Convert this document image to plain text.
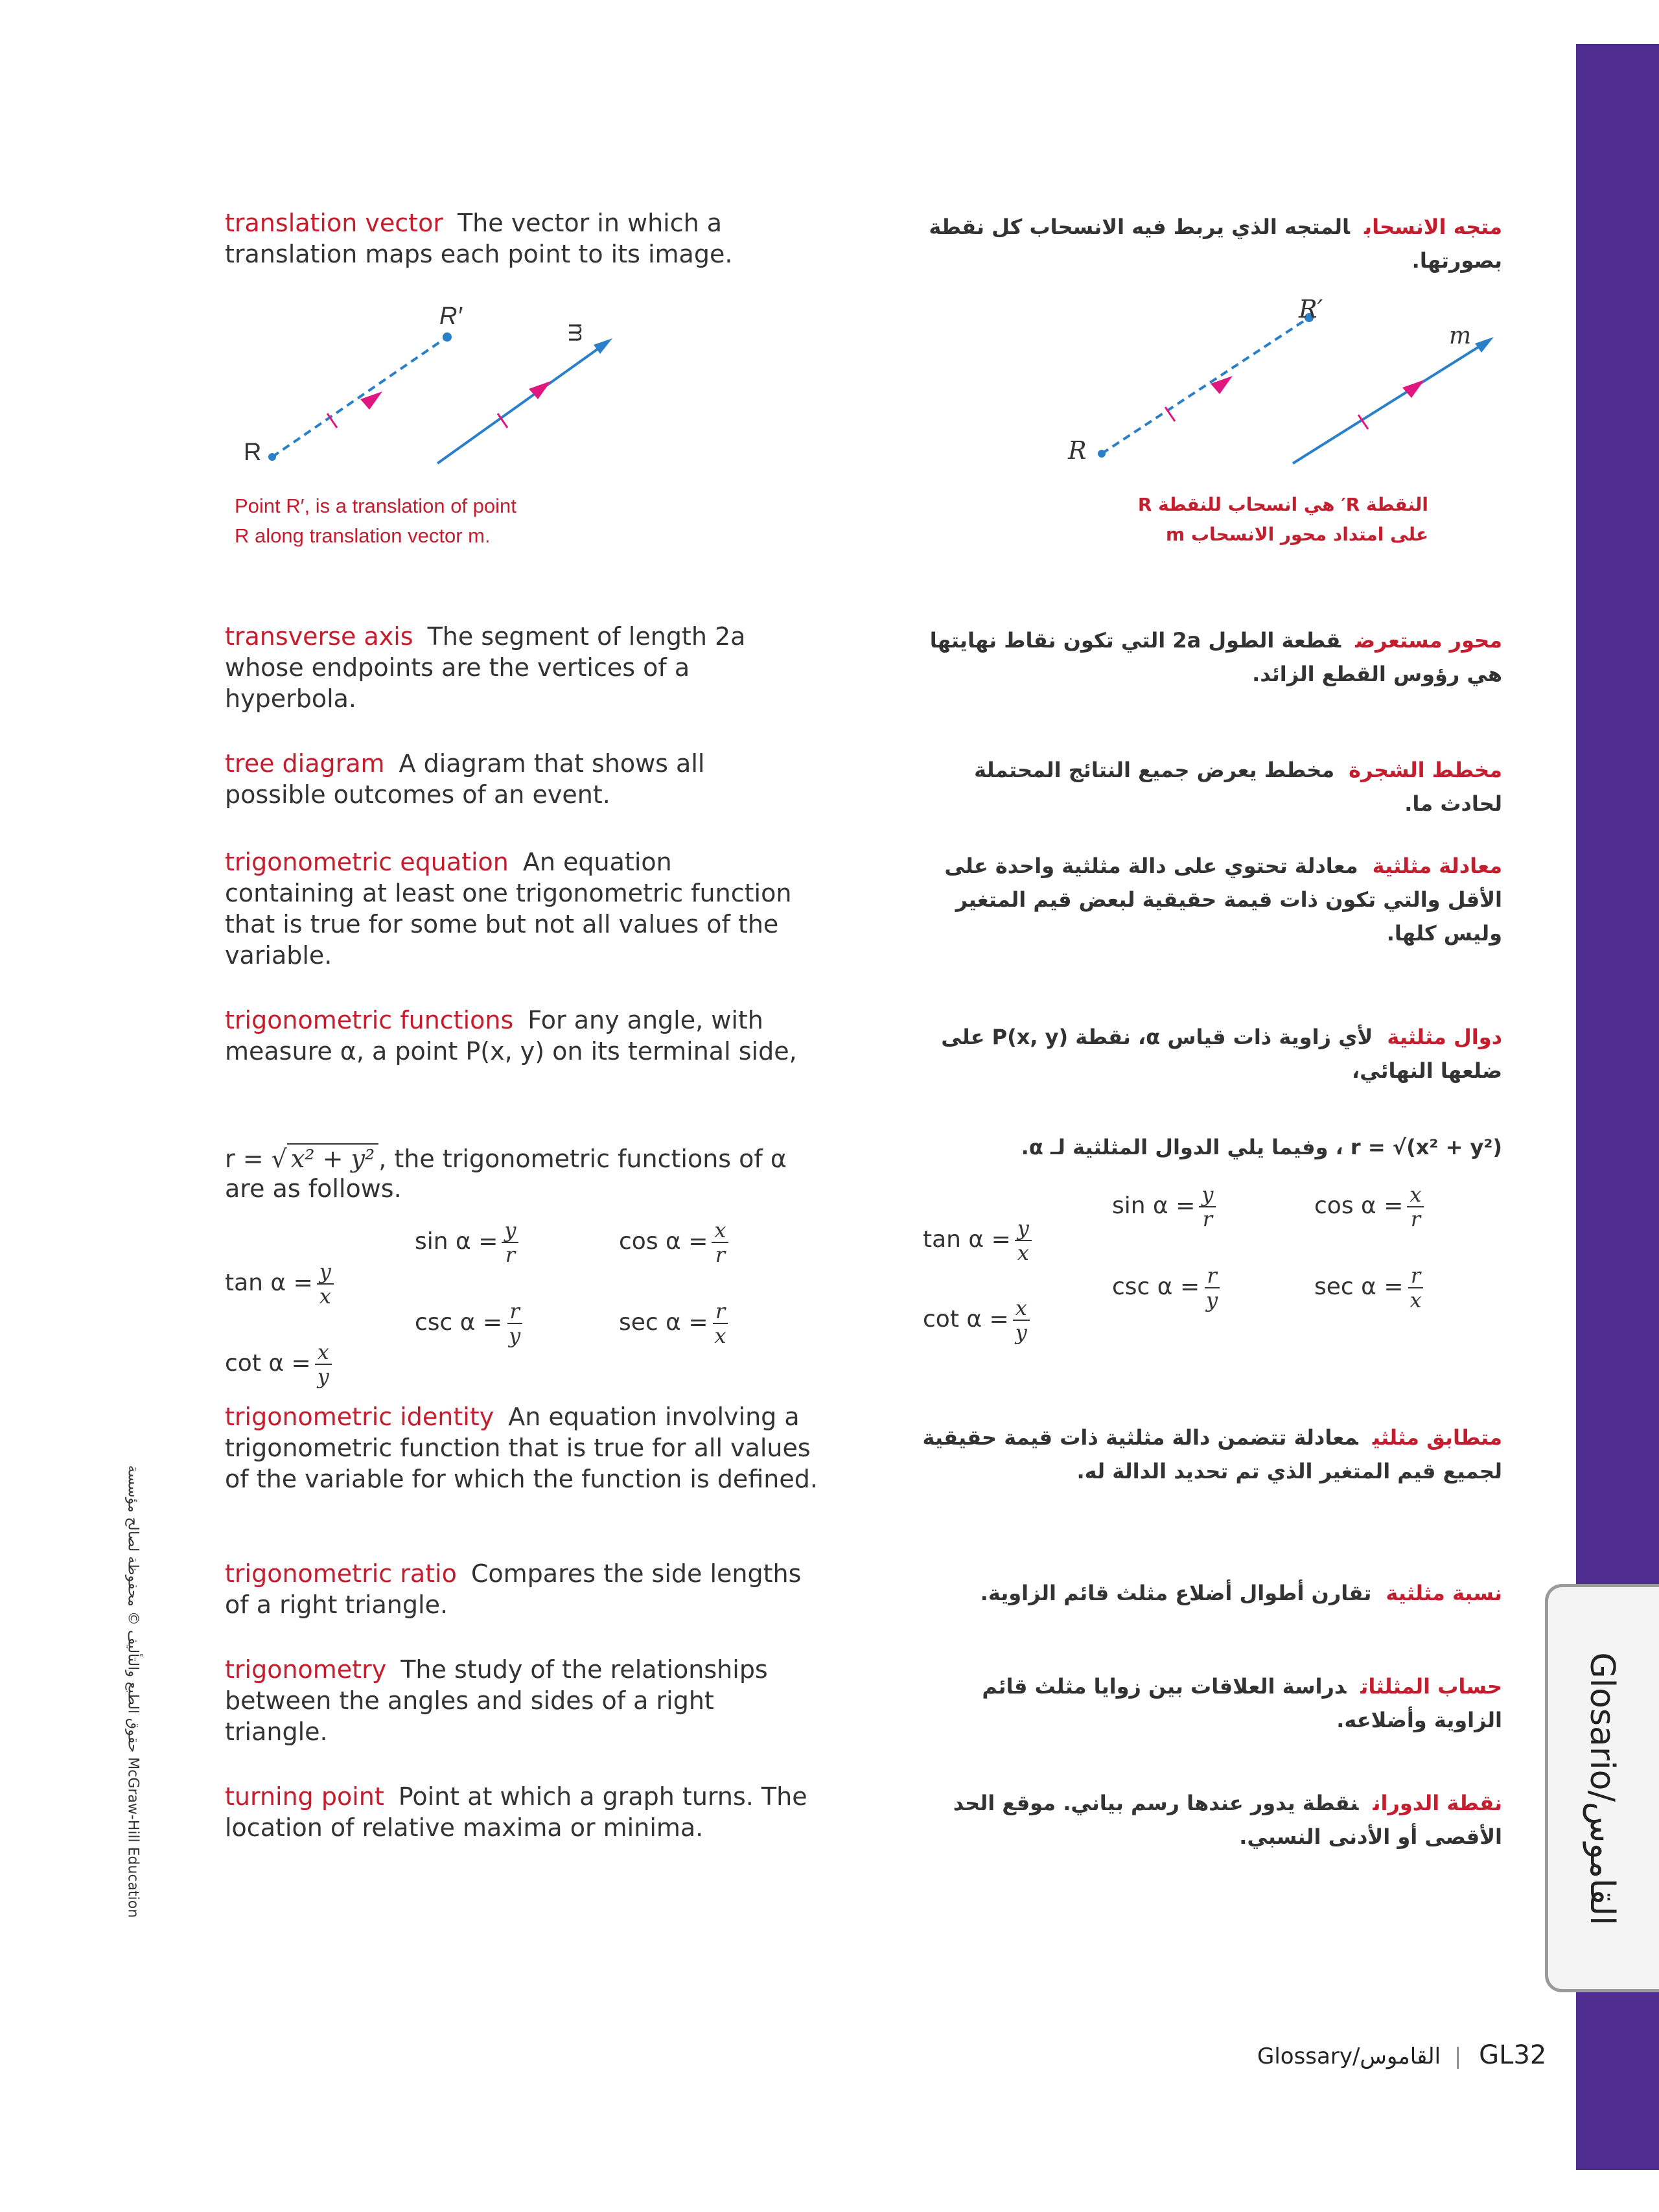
Glosario/القاموس
حقوق الطبع والتأليف © محفوظة لصالح مؤسسة McGraw-Hill Education
translation vector The vector in which a translation maps each point to its image.
R
R′
m
Point R′, is a translation of point
R along translation vector m.
transverse axis The segment of length 2a whose endpoints are the vertices of a hyperbola.
tree diagram A diagram that shows all possible outcomes of an event.
trigonometric equation An equation containing at least one trigonometric function that is true for some but not all values of the variable.
trigonometric functions For any angle, with measure α, a point P(x, y) on its terminal side,
r = √ x² + y² , the trigonometric functions of α are as follows.
$\sin \alpha = \frac{y}{r}$	$\cos \alpha = \frac{x}{r}$
$\tan \alpha = \frac{y}{x}$
$\csc \alpha = \frac{r}{y}$	$\sec \alpha = \frac{r}{x}$
$\cot \alpha = \frac{x}{y}$
trigonometric identity An equation involving a trigonometric function that is true for all values of the variable for which the function is defined.
trigonometric ratio Compares the side lengths of a right triangle.
trigonometry The study of the relationships between the angles and sides of a right triangle.
turning point Point at which a graph turns. The location of relative maxima or minima.
متجه الانسحابالمتجه الذي يربط فيه الانسحاب كل نقطة بصورتها.
R
R′
m
النقطة R′ هي انسحاب للنقطة R
على امتداد محور الانسحاب m
محور مستعرضقطعة الطول 2a التي تكون نقاط نهايتها هي رؤوس القطع الزائد.
مخطط الشجرةمخطط يعرض جميع النتائج المحتملة لحادث ما.
معادلة مثلثيةمعادلة تحتوي على دالة مثلثية واحدة على الأقل والتي تكون ذات قيمة حقيقية لبعض قيم المتغير وليس كلها.
دوال مثلثيةلأي زاوية ذات قياس α، نقطة P(x, y) على ضلعها النهائي،
r = √(x² + y²) ، وفيما يلي الدوال المثلثية لـ α.
$\sin \alpha = \frac{y}{r}$	$\cos \alpha = \frac{x}{r}$
$\tan \alpha = \frac{y}{x}$
$\csc \alpha = \frac{r}{y}$	$\sec \alpha = \frac{r}{x}$
$\cot \alpha = \frac{x}{y}$
متطابق مثلثيمعادلة تتضمن دالة مثلثية ذات قيمة حقيقية لجميع قيم المتغير الذي تم تحديد الدالة له.
نسبة مثلثيةتقارن أطوال أضلاع مثلث قائم الزاوية.
حساب المثلثاتدراسة العلاقات بين زوايا مثلث قائم الزاوية وأضلاعه.
نقطة الدوراننقطة يدور عندها رسم بياني. موقع الحد الأقصى أو الأدنى النسبي.
Glossary/القاموس | GL32
